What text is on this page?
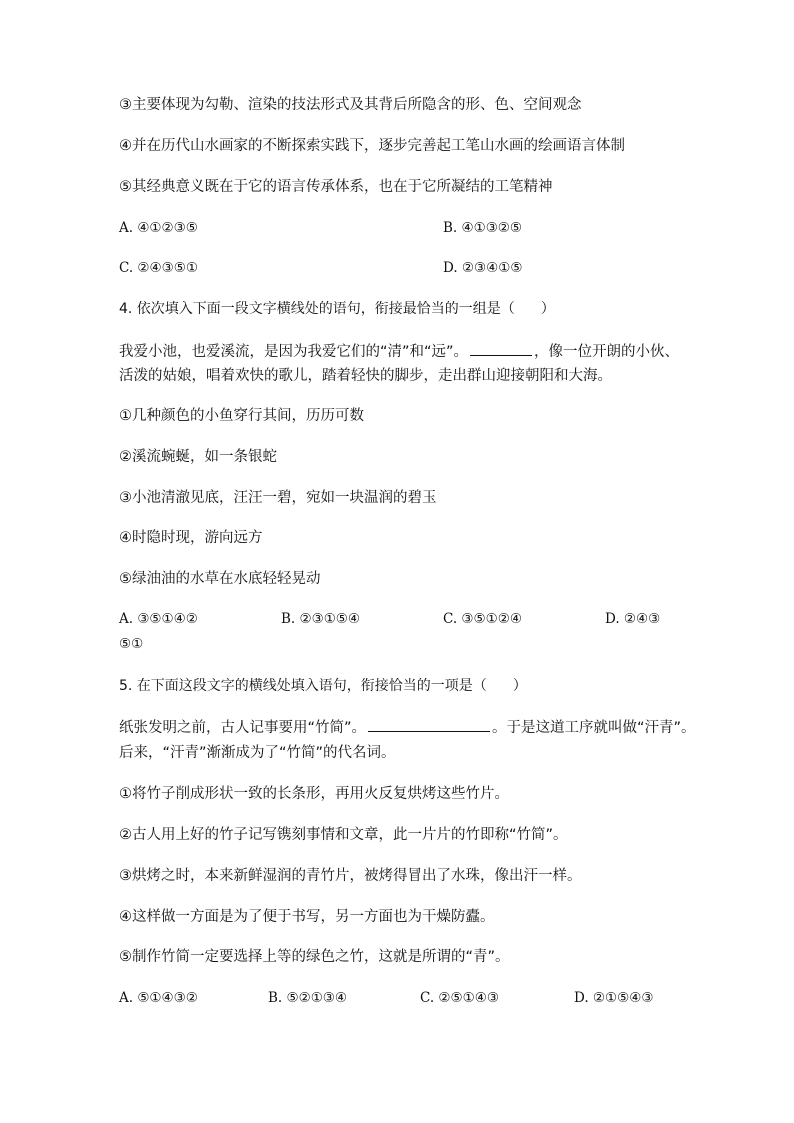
③主要体现为勾勒、渲染的技法形式及其背后所隐含的形、色、空间观念
④并在历代山水画家的不断探索实践下，逐步完善起工笔山水画的绘画语言体制
⑤其经典意义既在于它的语言传承体系，也在于它所凝结的工笔精神
A. ④①②③⑤	B. ④①③②⑤
C. ②④③⑤①	D. ②③④①⑤
4. 依次填入下面一段文字横线处的语句，衔接最恰当的一组是（ ）
我爱小池，也爱溪流，是因为我爱它们的“清”和“远”。	，像一位开朗的小伙、
活泼的姑娘，唱着欢快的歌儿，踏着轻快的脚步，走出群山迎接朝阳和大海。
①几种颜色的小鱼穿行其间，历历可数
②溪流蜿蜒，如一条银蛇
③小池清澈见底，汪汪一碧，宛如一块温润的碧玉
④时隐时现，游向远方
⑤绿油油的水草在水底轻轻晃动
A. ③⑤①④②	B. ②③①⑤④	C. ③⑤①②④	D. ②④③
⑤①
5. 在下面这段文字的横线处填入语句，衔接恰当的一项是（ ）
纸张发明之前，古人记事要用“竹简”。	。于是这道工序就叫做“汗青”。
后来，“汗青”渐渐成为了“竹简”的代名词。
①将竹子削成形状一致的长条形，再用火反复烘烤这些竹片。
②古人用上好的竹子记写镌刻事情和文章，此一片片的竹即称“竹简”。
③烘烤之时，本来新鲜湿润的青竹片，被烤得冒出了水珠，像出汗一样。
④这样做一方面是为了便于书写，另一方面也为干燥防蠹。
⑤制作竹简一定要选择上等的绿色之竹，这就是所谓的“青”。
A. ⑤①④③②	B. ⑤②①③④	C. ②⑤①④③	D. ②①⑤④③
